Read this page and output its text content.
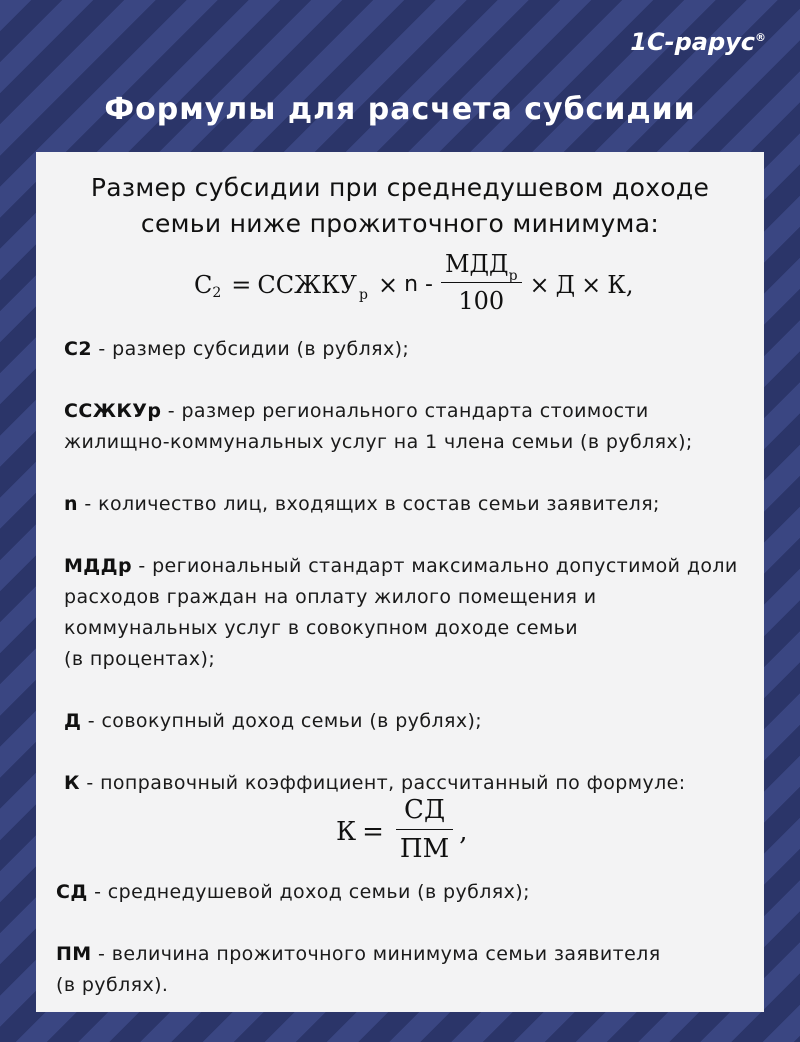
1С-рарус®
Формулы для расчета субсидии
Размер субсидии при среднедушевом доходе
семьи ниже прожиточного минимума:
C 2 = ССЖКУ $р \times n - \frac{МДД_р}{100} \times Д \times К$,

С2 - размер субсидии (в рублях);

ССЖКУр - размер регионального стандарта стоимости жилищно-коммунальных услуг на 1 члена семьи (в рублях);

n - количество лиц, входящих в состав семьи заявителя;

МДДр - региональный стандарт максимально допустимой доли расходов граждан на оплату жилого помещения и коммунальных услуг в совокупном доходе семьи
(в процентах);

Д - совокупный доход семьи (в рублях);

К - поправочный коэффициент, рассчитанный по формуле:

$К = \frac{СД}{ПМ}$ ,

СД - среднедушевой доход семьи (в рублях);

ПМ - величина прожиточного минимума семьи заявителя
(в рублях).
